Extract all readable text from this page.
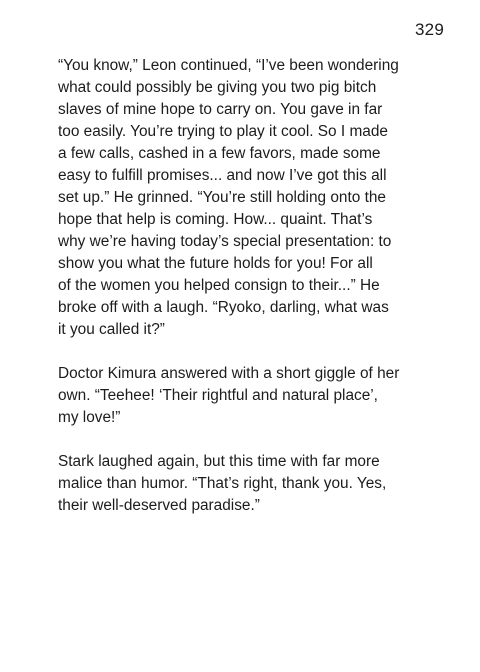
329

“You know,” Leon continued, “I’ve been wondering
what could possibly be giving you two pig bitch
slaves of mine hope to carry on. You gave in far
too easily. You’re trying to play it cool. So I made
a few calls, cashed in a few favors, made some
easy to fulfill promises... and now I’ve got this all
set up.” He grinned. “You’re still holding onto the
hope that help is coming. How... quaint. That’s
why we’re having today’s special presentation: to
show you what the future holds for you! For all
of the women you helped consign to their...” He
broke off with a laugh. “Ryoko, darling, what was
it you called it?”

Doctor Kimura answered with a short giggle of her
own. “Teehee! ‘Their rightful and natural place’,
my love!”

Stark laughed again, but this time with far more
malice than humor. “That’s right, thank you. Yes,
their well-deserved paradise.”
